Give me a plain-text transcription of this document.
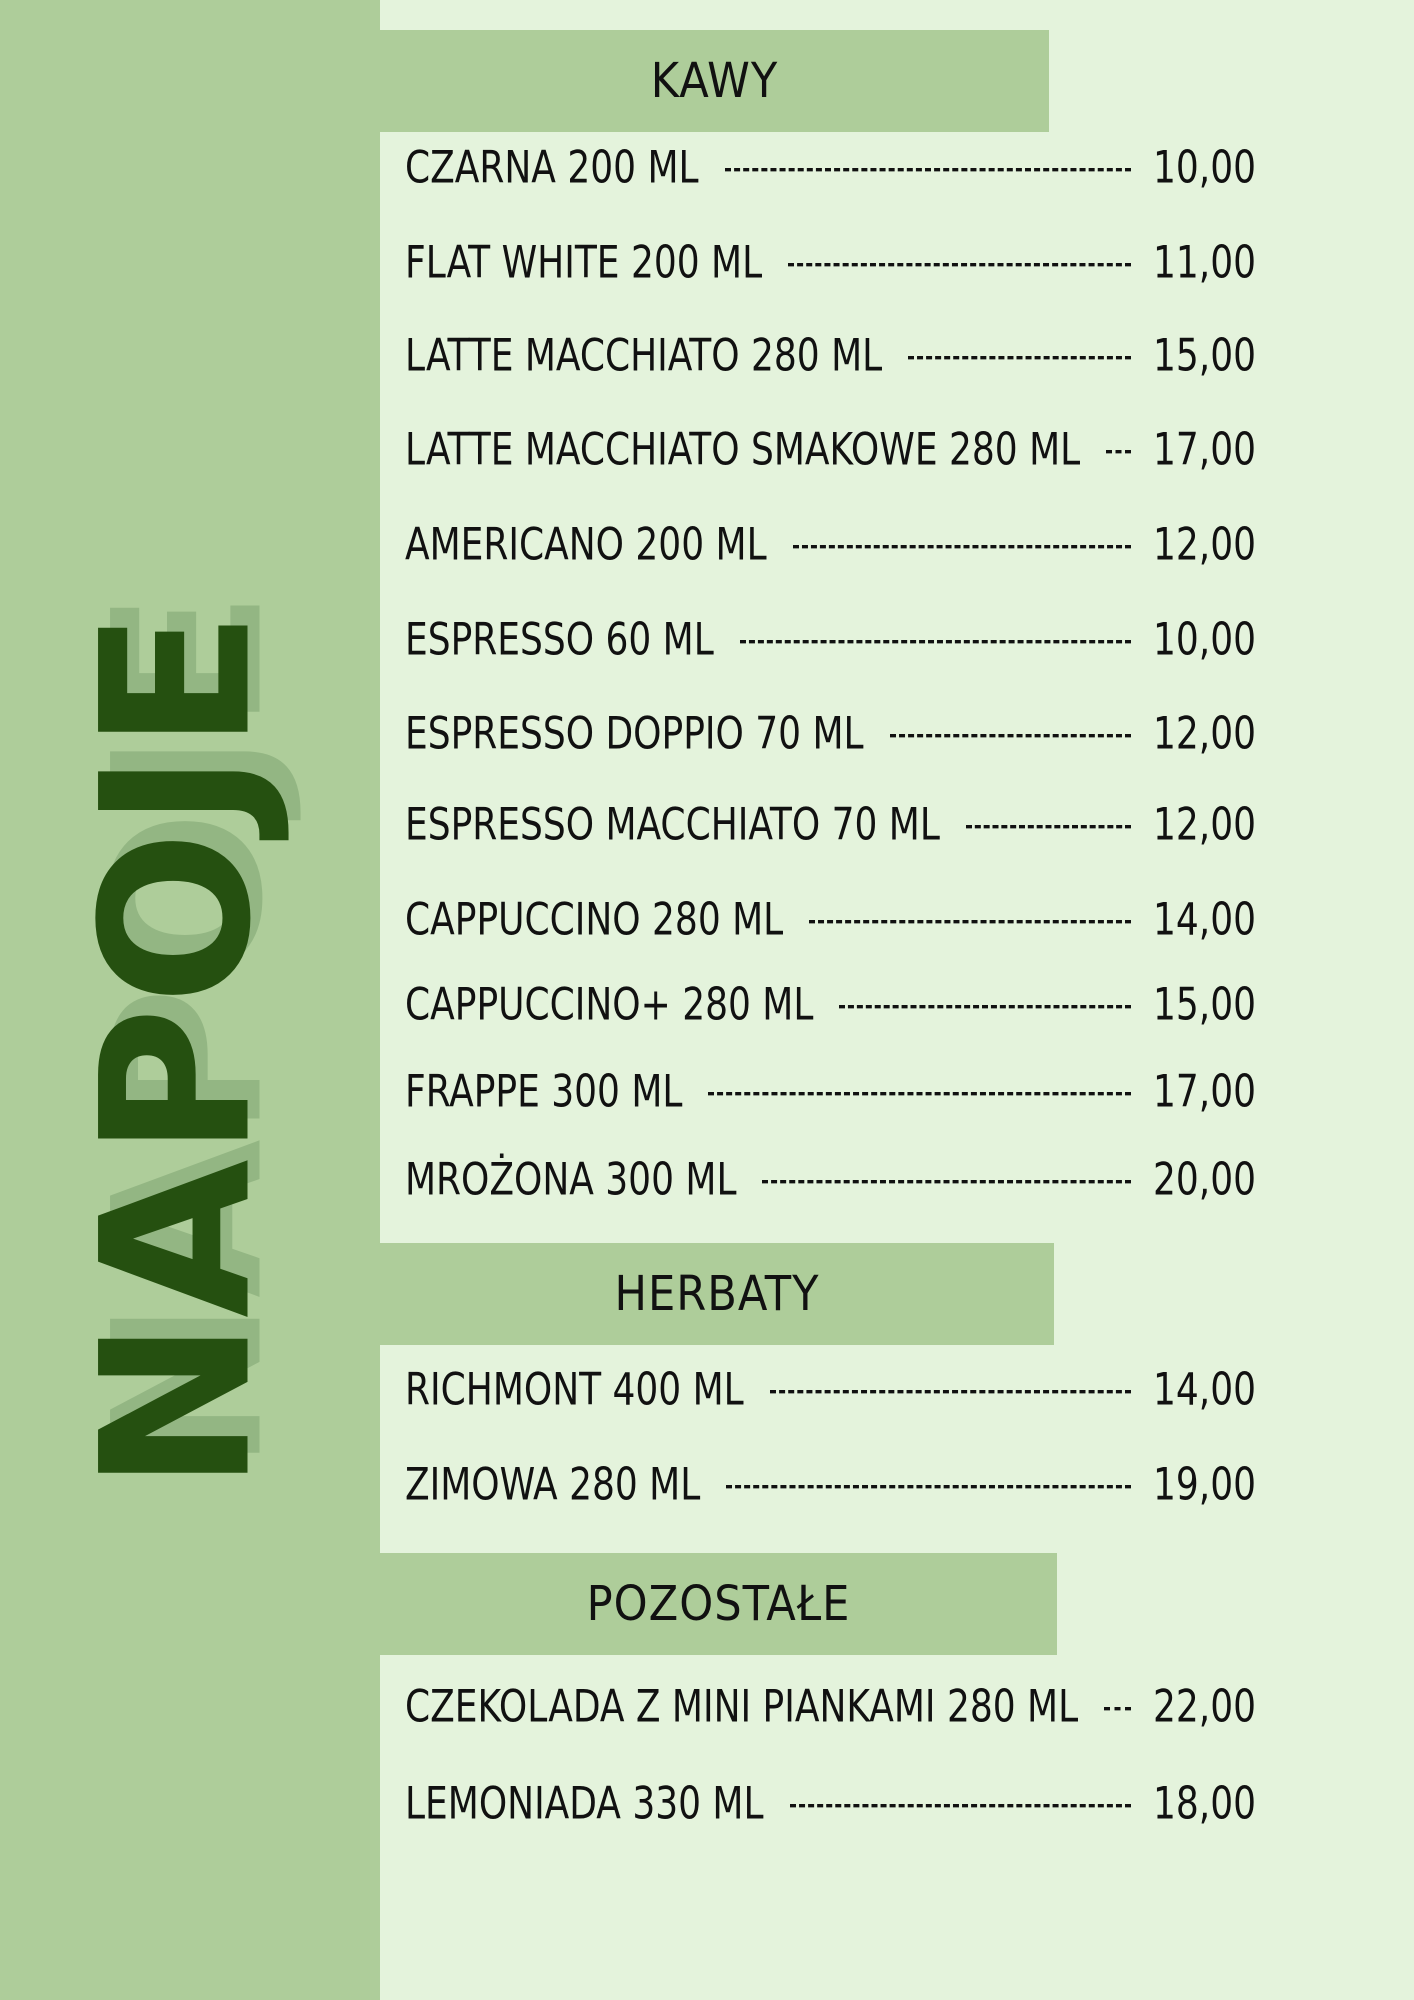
NAPOJE
KAWY
HERBATY
POZOSTAŁE
CZARNA 200 ML	10,00
FLAT WHITE 200 ML	11,00
LATTE MACCHIATO 280 ML	15,00
LATTE MACCHIATO SMAKOWE 280 ML 17,00
AMERICANO 200 ML	12,00
ESPRESSO 60 ML	10,00
ESPRESSO DOPPIO 70 ML	12,00
ESPRESSO MACCHIATO 70 ML	12,00
CAPPUCCINO 280 ML	14,00
CAPPUCCINO+ 280 ML	15,00
FRAPPE 300 ML	17,00
MROŻONA 300 ML	20,00
RICHMONT 400 ML	14,00
ZIMOWA 280 ML	19,00
CZEKOLADA Z MINI PIANKAMI 280 ML 22,00
LEMONIADA 330 ML	18,00
